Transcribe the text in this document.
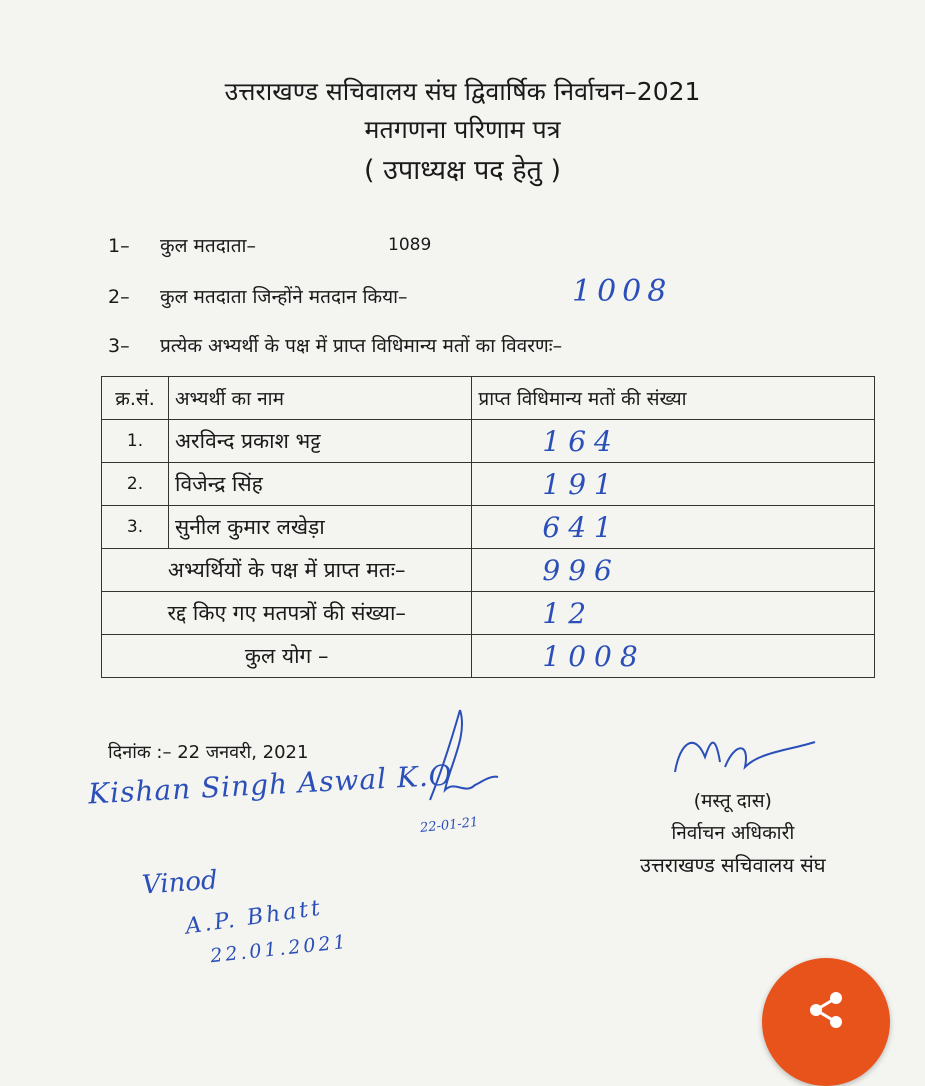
उत्तराखण्ड सचिवालय संघ द्विवार्षिक निर्वाचन–2021
मतगणना परिणाम पत्र
( उपाध्यक्ष पद हेतु )
1– कुल मतदाता–	1089
2– कुल मतदाता जिन्होंने मतदान किया–	1008
3– प्रत्येक अभ्यर्थी के पक्ष में प्राप्त विधिमान्य मतों का विवरणः–
क्र.सं.	अभ्यर्थी का नाम	प्राप्त विधिमान्य मतों की संख्या
1.	अरविन्द प्रकाश भट्ट	164
2.	विजेन्द्र सिंह	191
3.	सुनील कुमार लखेड़ा	641
अभ्यर्थियों के पक्ष में प्राप्त मतः–		996
रद्द किए गए मतपत्रों की संख्या–		12
कुल योग –		1008
दिनांक :– 22 जनवरी, 2021
Kishan Singh Aswal K.O
22-01-21
Vinod
A.P. Bhatt
22.01.2021
(मस्तू दास)
निर्वाचन अधिकारी
उत्तराखण्ड सचिवालय संघ
